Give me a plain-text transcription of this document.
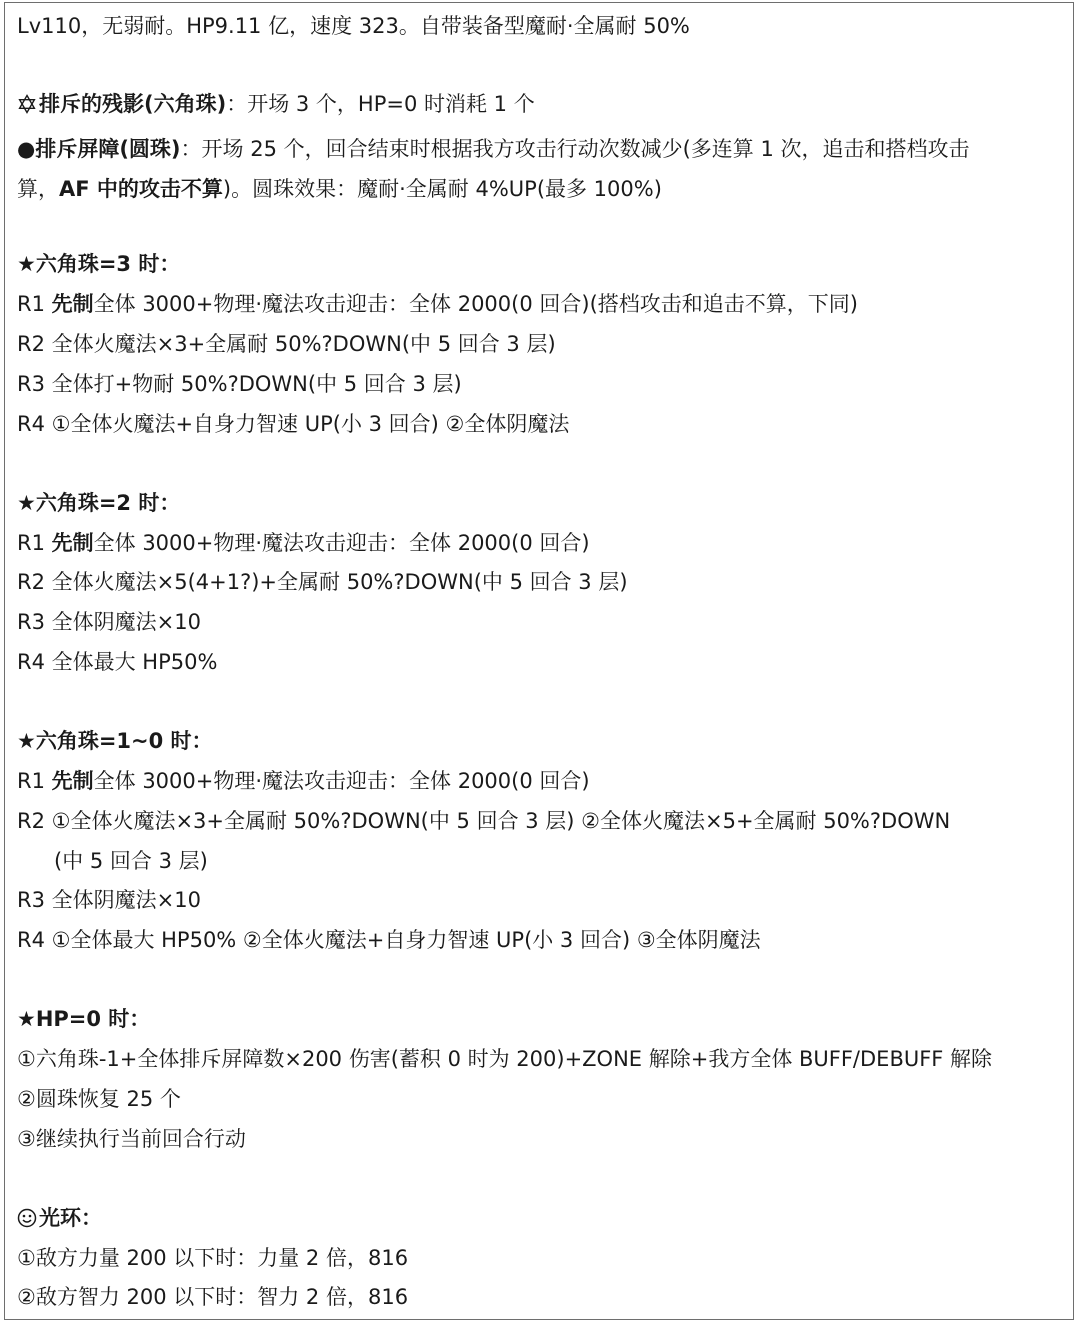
Lv110，无弱耐。HP9.11 亿，速度 323。自带装备型魔耐·全属耐 50%
排斥的残影(六角珠)：开场 3 个，HP=0 时消耗 1 个
●排斥屏障(圆珠)：开场 25 个，回合结束时根据我方攻击行动次数减少(多连算 1 次，追击和搭档攻击
算，AF 中的攻击不算)。圆珠效果：魔耐·全属耐 4%UP(最多 100%)
★六角珠=3 时：
R1 先制全体 3000+物理·魔法攻击迎击：全体 2000(0 回合)(搭档攻击和追击不算，下同)
R2 全体火魔法×3+全属耐 50%?DOWN(中 5 回合 3 层)
R3 全体打+物耐 50%?DOWN(中 5 回合 3 层)
R4 ①全体火魔法+自身力智速 UP(小 3 回合) ②全体阴魔法
★六角珠=2 时：
R1 先制全体 3000+物理·魔法攻击迎击：全体 2000(0 回合)
R2 全体火魔法×5(4+1?)+全属耐 50%?DOWN(中 5 回合 3 层)
R3 全体阴魔法×10
R4 全体最大 HP50%
★六角珠=1~0 时：
R1 先制全体 3000+物理·魔法攻击迎击：全体 2000(0 回合)
R2 ①全体火魔法×3+全属耐 50%?DOWN(中 5 回合 3 层) ②全体火魔法×5+全属耐 50%?DOWN
(中 5 回合 3 层)
R3 全体阴魔法×10
R4 ①全体最大 HP50% ②全体火魔法+自身力智速 UP(小 3 回合) ③全体阴魔法
★HP=0 时：
①六角珠-1+全体排斥屏障数×200 伤害(蓄积 0 时为 200)+ZONE 解除+我方全体 BUFF/DEBUFF 解除
②圆珠恢复 25 个
③继续执行当前回合行动
光环：
①敌方力量 200 以下时：力量 2 倍，816
②敌方智力 200 以下时：智力 2 倍，816
